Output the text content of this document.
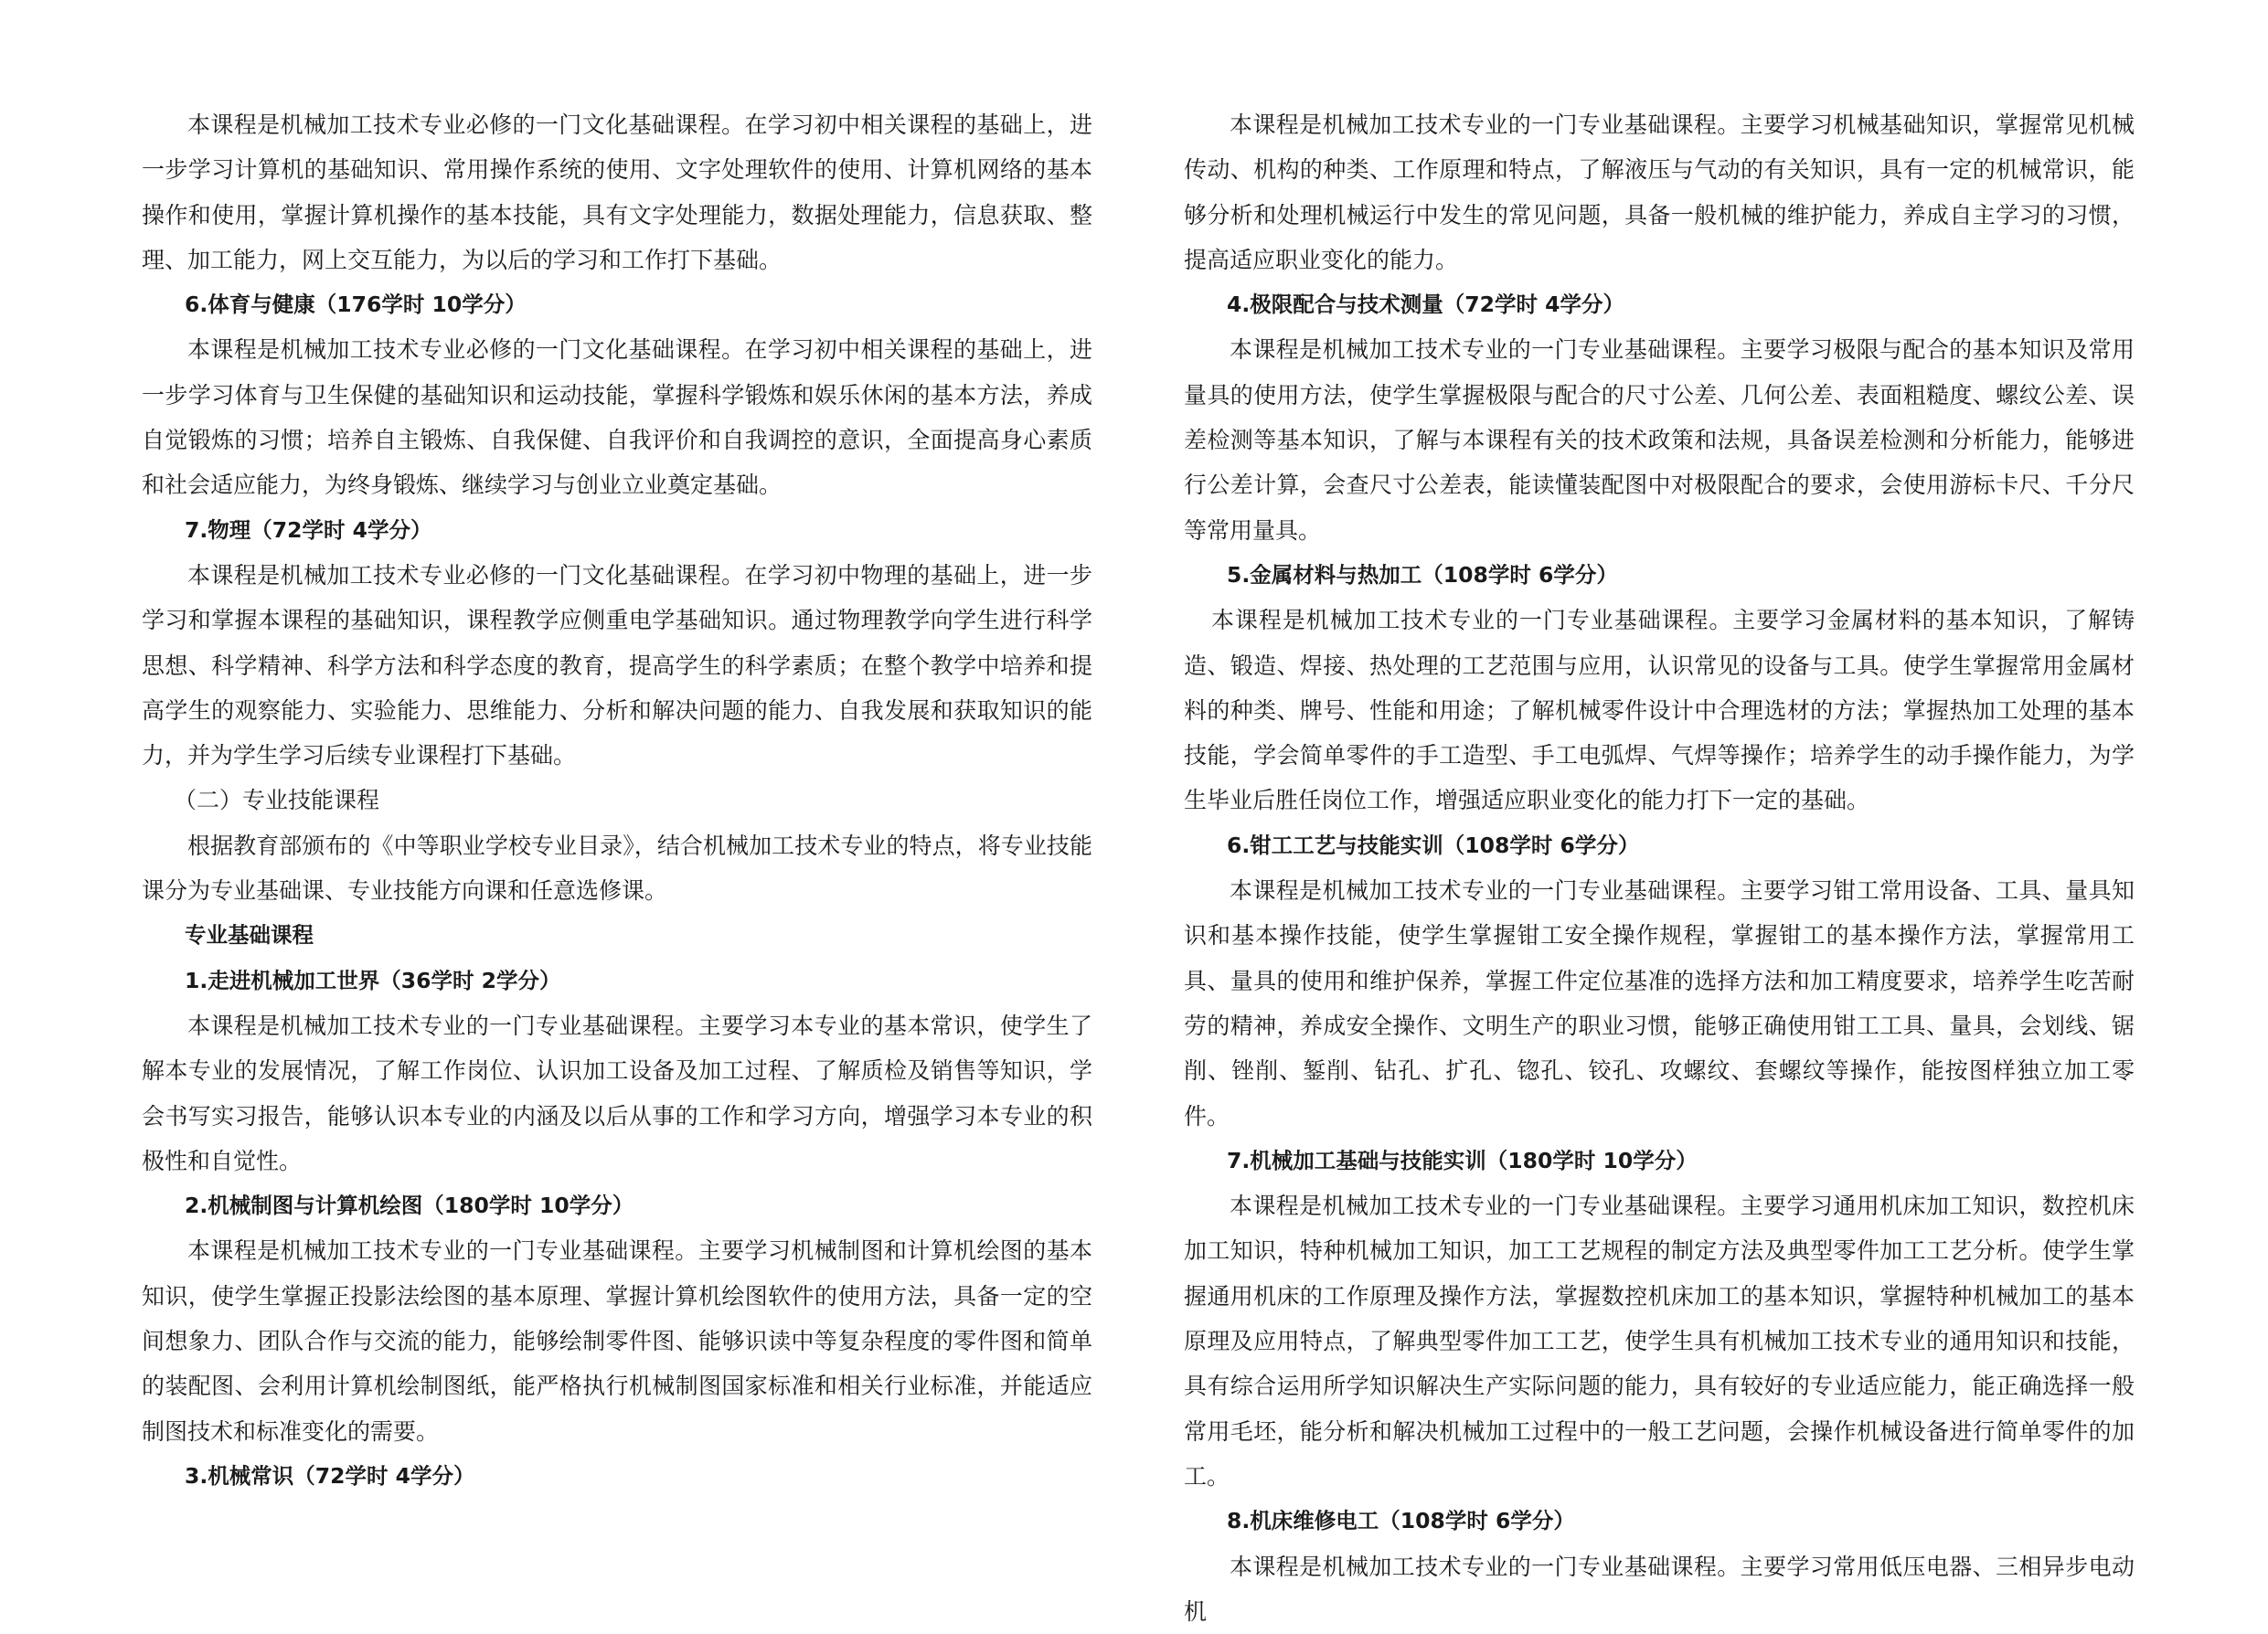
本课程是机械加工技术专业必修的一门文化基础课程。在学习初中相关课程的基础上，进一步学习计算机的基础知识、常用操作系统的使用、文字处理软件的使用、计算机网络的基本操作和使用，掌握计算机操作的基本技能，具有文字处理能力，数据处理能力，信息获取、整理、加工能力，网上交互能力，为以后的学习和工作打下基础。

6.体育与健康（176学时 10学分）

本课程是机械加工技术专业必修的一门文化基础课程。在学习初中相关课程的基础上，进一步学习体育与卫生保健的基础知识和运动技能，掌握科学锻炼和娱乐休闲的基本方法，养成自觉锻炼的习惯；培养自主锻炼、自我保健、自我评价和自我调控的意识，全面提高身心素质和社会适应能力，为终身锻炼、继续学习与创业立业奠定基础。

7.物理（72学时 4学分）

本课程是机械加工技术专业必修的一门文化基础课程。在学习初中物理的基础上，进一步学习和掌握本课程的基础知识，课程教学应侧重电学基础知识。通过物理教学向学生进行科学思想、科学精神、科学方法和科学态度的教育，提高学生的科学素质；在整个教学中培养和提高学生的观察能力、实验能力、思维能力、分析和解决问题的能力、自我发展和获取知识的能力，并为学生学习后续专业课程打下基础。

（二）专业技能课程

根据教育部颁布的《中等职业学校专业目录》，结合机械加工技术专业的特点，将专业技能课分为专业基础课、专业技能方向课和任意选修课。

专业基础课程
1.走进机械加工世界（36学时 2学分）

本课程是机械加工技术专业的一门专业基础课程。主要学习本专业的基本常识，使学生了解本专业的发展情况，了解工作岗位、认识加工设备及加工过程、了解质检及销售等知识，学会书写实习报告，能够认识本专业的内涵及以后从事的工作和学习方向，增强学习本专业的积极性和自觉性。

2.机械制图与计算机绘图（180学时 10学分）

本课程是机械加工技术专业的一门专业基础课程。主要学习机械制图和计算机绘图的基本知识，使学生掌握正投影法绘图的基本原理、掌握计算机绘图软件的使用方法，具备一定的空间想象力、团队合作与交流的能力，能够绘制零件图、能够识读中等复杂程度的零件图和简单的装配图、会利用计算机绘制图纸，能严格执行机械制图国家标准和相关行业标准，并能适应制图技术和标准变化的需要。

3.机械常识（72学时 4学分）

本课程是机械加工技术专业的一门专业基础课程。主要学习机械基础知识，掌握常见机械传动、机构的种类、工作原理和特点，了解液压与气动的有关知识，具有一定的机械常识，能够分析和处理机械运行中发生的常见问题，具备一般机械的维护能力，养成自主学习的习惯，提高适应职业变化的能力。

4.极限配合与技术测量（72学时 4学分）

本课程是机械加工技术专业的一门专业基础课程。主要学习极限与配合的基本知识及常用量具的使用方法，使学生掌握极限与配合的尺寸公差、几何公差、表面粗糙度、螺纹公差、误差检测等基本知识，了解与本课程有关的技术政策和法规，具备误差检测和分析能力，能够进行公差计算，会查尺寸公差表，能读懂装配图中对极限配合的要求，会使用游标卡尺、千分尺等常用量具。

5.金属材料与热加工（108学时 6学分）

本课程是机械加工技术专业的一门专业基础课程。主要学习金属材料的基本知识，了解铸造、锻造、焊接、热处理的工艺范围与应用，认识常见的设备与工具。使学生掌握常用金属材料的种类、牌号、性能和用途；了解机械零件设计中合理选材的方法；掌握热加工处理的基本技能，学会简单零件的手工造型、手工电弧焊、气焊等操作；培养学生的动手操作能力，为学生毕业后胜任岗位工作，增强适应职业变化的能力打下一定的基础。

6.钳工工艺与技能实训（108学时 6学分）

本课程是机械加工技术专业的一门专业基础课程。主要学习钳工常用设备、工具、量具知识和基本操作技能，使学生掌握钳工安全操作规程，掌握钳工的基本操作方法，掌握常用工具、量具的使用和维护保养，掌握工件定位基准的选择方法和加工精度要求，培养学生吃苦耐劳的精神，养成安全操作、文明生产的职业习惯，能够正确使用钳工工具、量具，会划线、锯削、锉削、錾削、钻孔、扩孔、锪孔、铰孔、攻螺纹、套螺纹等操作，能按图样独立加工零件。

7.机械加工基础与技能实训（180学时 10学分）

本课程是机械加工技术专业的一门专业基础课程。主要学习通用机床加工知识，数控机床加工知识，特种机械加工知识，加工工艺规程的制定方法及典型零件加工工艺分析。使学生掌握通用机床的工作原理及操作方法，掌握数控机床加工的基本知识，掌握特种机械加工的基本原理及应用特点，了解典型零件加工工艺，使学生具有机械加工技术专业的通用知识和技能，具有综合运用所学知识解决生产实际问题的能力，具有较好的专业适应能力，能正确选择一般常用毛坯，能分析和解决机械加工过程中的一般工艺问题，会操作机械设备进行简单零件的加工。

8.机床维修电工（108学时 6学分）

本课程是机械加工技术专业的一门专业基础课程。主要学习常用低压电器、三相异步电动机
